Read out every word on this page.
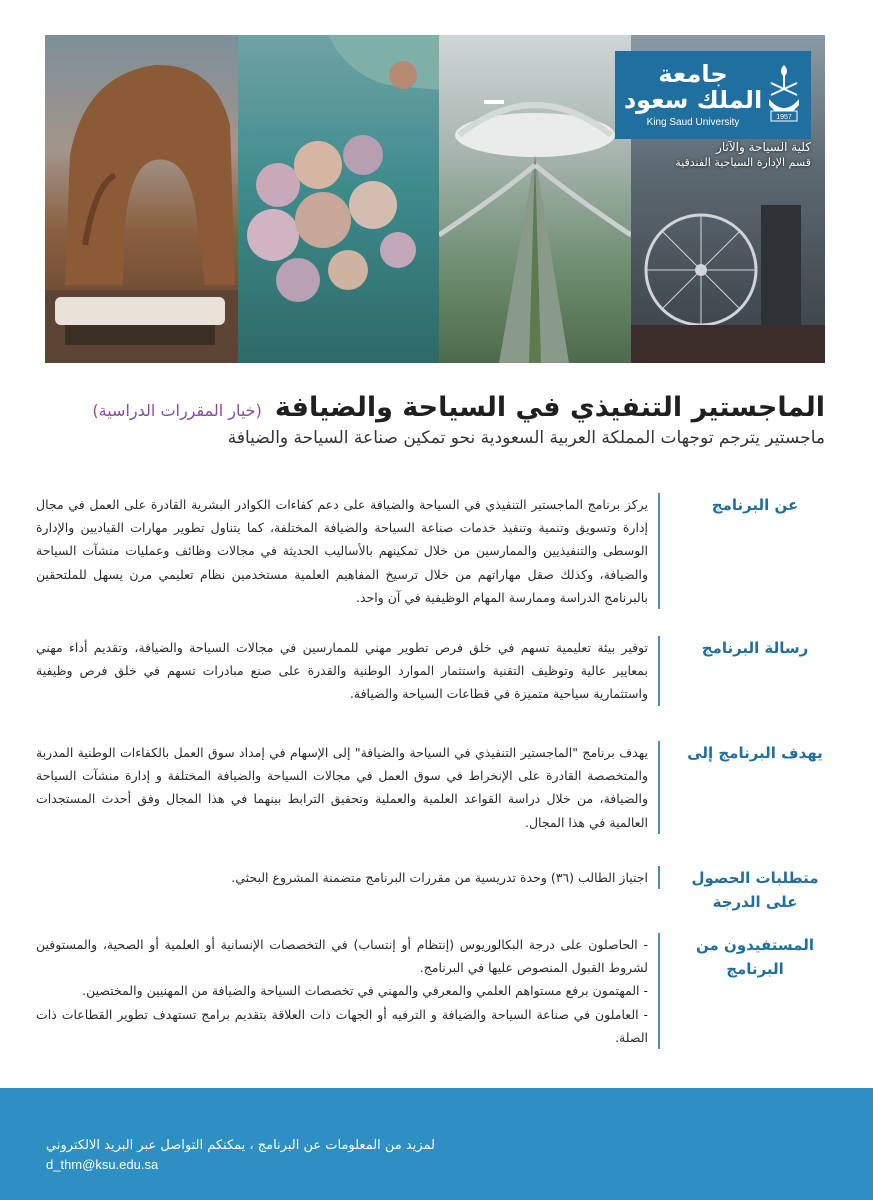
جامعة الملك سعود
King Saud University	1957
كلية السياحة والآثار
قسم الإدارة السياحية الفندقية
الماجستير التنفيذي في السياحة والضيافة (خيار المقررات الدراسية)
ماجستير يترجم توجهات المملكة العربية السعودية نحو تمكين صناعة السياحة والضيافة
عن البرنامج
يركز برنامج الماجستير التنفيذي في السياحة والضيافة على دعم كفاءات الكوادر البشرية القادرة على العمل في مجال إدارة وتسويق وتنمية وتنفيذ خدمات صناعة السياحة والضيافة المختلفة، كما يتناول تطوير مهارات القياديين والإدارة الوسطى والتنفيذيين والممارسين من خلال تمكينهم بالأساليب الحديثة في مجالات وظائف وعمليات منشآت السياحة والضيافة، وكذلك صقل مهاراتهم من خلال ترسيخ المفاهيم العلمية مستخدمين نظام تعليمي مرن يسهل للملتحقين بالبرنامج الدراسة وممارسة المهام الوظيفية في آن واحد.
رسالة البرنامج
توفير بيئة تعليمية تسهم في خلق فرص تطوير مهني للممارسين في مجالات السياحة والضيافة، وتقديم أداء مهني بمعايير عالية وتوظيف التقنية واستثمار الموارد الوطنية والقدرة على صنع مبادرات تسهم في خلق فرص وظيفية واستثمارية سياحية متميزة في قطاعات السياحة والضيافة.
يهدف البرنامج إلى
يهدف برنامج "الماجستير التنفيذي في السياحة والضيافة" إلى الإسهام في إمداد سوق العمل بالكفاءات الوطنية المدربة والمتخصصة القادرة على الإنخراط في سوق العمل في مجالات السياحة والضيافة المختلفة و إدارة منشآت السياحة والضيافة، من خلال دراسة القواعد العلمية والعملية وتحقيق الترابط بينهما في هذا المجال وفق أحدث المستجدات العالمية في هذا المجال.
متطلبات الحصول على الدرجة
اجتياز الطالب (٣٦) وحدة تدريسية من مقررات البرنامج متضمنة المشروع البحثي.
المستفيدون من البرنامج

- الحاصلون على درجة البكالوريوس (إنتظام أو إنتساب) في التخصصات الإنسانية أو العلمية أو الصحية، والمستوفين لشروط القبول المنصوص عليها في البرنامج.

- المهتمون برفع مستواهم العلمي والمعرفي والمهني في تخصصات السياحة والضيافة من المهنيين والمختصين.

- العاملون في صناعة السياحة والضيافة و الترفيه أو الجهات ذات العلاقة بتقديم برامج تستهدف تطوير القطاعات ذات الصلة.

لمزيد من المعلومات عن البرنامج ، يمكنكم التواصل عبر البريد الالكتروني
d_thm@ksu.edu.sa
